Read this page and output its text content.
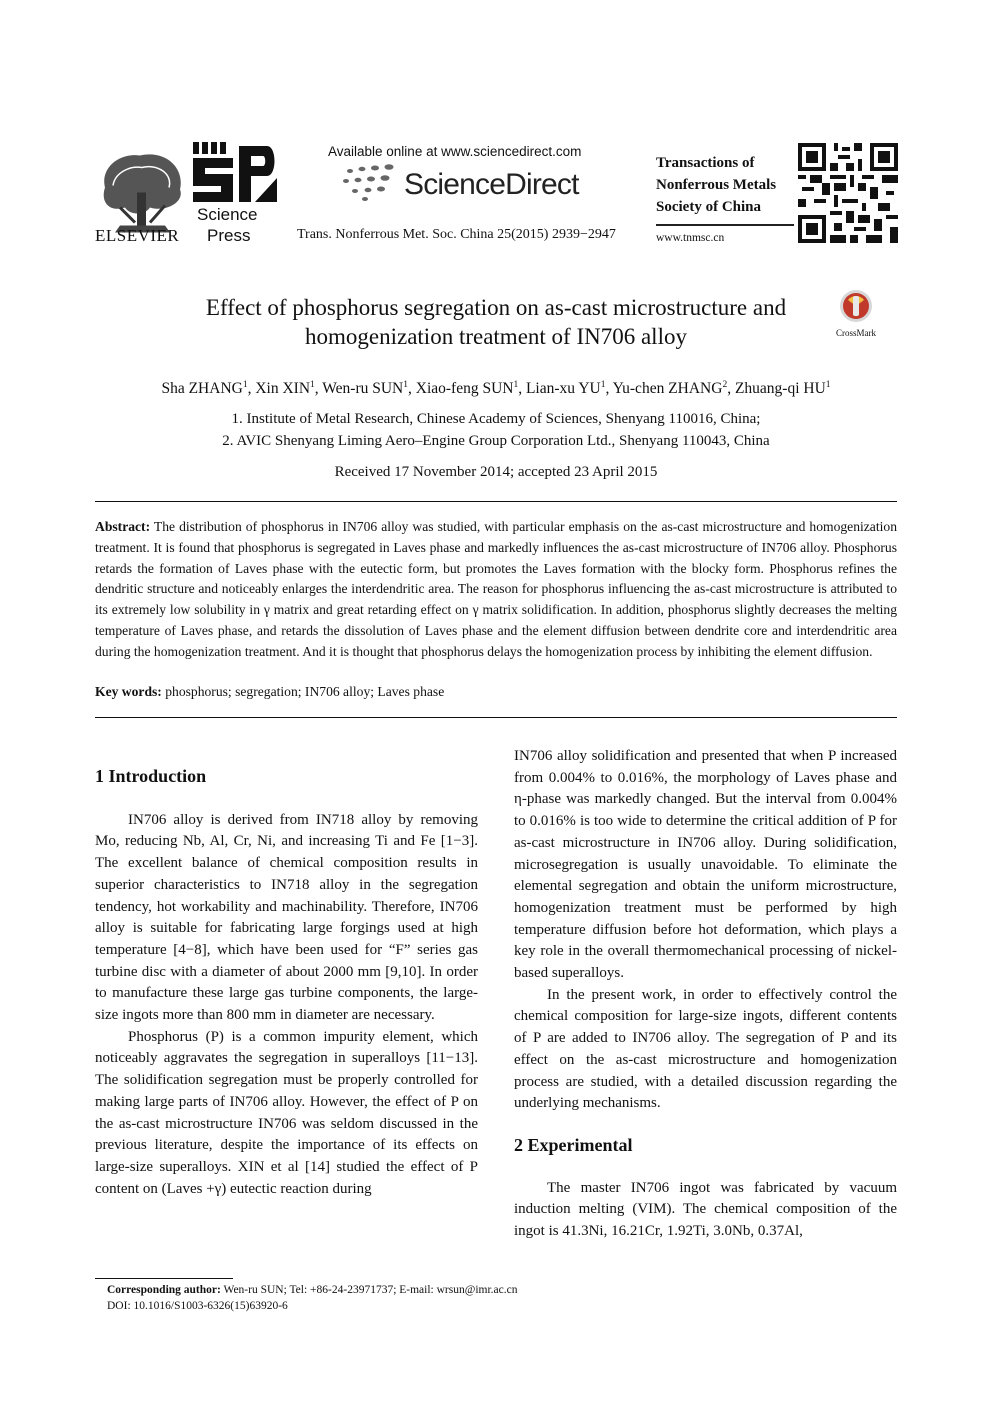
ELSEVIER
Science
Press
Available online at www.sciencedirect.com
ScienceDirect
Trans. Nonferrous Met. Soc. China 25(2015) 2939−2947
Transactions of
Nonferrous Metals
Society of China
www.tnmsc.cn
Effect of phosphorus segregation on as-cast microstructure and
homogenization treatment of IN706 alloy	CrossMark
Sha ZHANG$^1$, Xin XIN$^1$, Wen-ru SUN$^1$, Xiao-feng SUN$^1$, Lian-xu $YU^1$, Yu-chen ZHANG$^2$, Zhuang-qi $HU^1$
1. Institute of Metal Research, Chinese Academy of Sciences, Shenyang 110016, China;
2. AVIC Shenyang Liming Aero–Engine Group Corporation Ltd., Shenyang 110043, China
Received 17 November 2014; accepted 23 April 2015
Abstract: The distribution of phosphorus in IN706 alloy was studied, with particular emphasis on the as-cast microstructure and homogenization treatment. It is found that phosphorus is segregated in Laves phase and markedly influences the as-cast microstructure of IN706 alloy. Phosphorus retards the formation of Laves phase with the eutectic form, but promotes the Laves formation with the blocky form. Phosphorus refines the dendritic structure and noticeably enlarges the interdendritic area. The reason for phosphorus influencing the as-cast microstructure is attributed to its extremely low solubility in γ matrix and great retarding effect on γ matrix solidification. In addition, phosphorus slightly decreases the melting temperature of Laves phase, and retards the dissolution of Laves phase and the element diffusion between dendrite core and interdendritic area during the homogenization treatment. And it is thought that phosphorus delays the homogenization process by inhibiting the element diffusion.
Key words: phosphorus; segregation; IN706 alloy; Laves phase
1 Introduction

IN706 alloy is derived from IN718 alloy by removing Mo, reducing Nb, Al, Cr, Ni, and increasing Ti and Fe [1−3]. The excellent balance of chemical composition results in superior characteristics to IN718 alloy in the segregation tendency, hot workability and machinability. Therefore, IN706 alloy is suitable for fabricating large forgings used at high temperature [4−8], which have been used for “F” series gas turbine disc with a diameter of about 2000 mm [9,10]. In order to manufacture these large gas turbine components, the large-size ingots more than 800 mm in diameter are necessary.

Phosphorus (P) is a common impurity element, which noticeably aggravates the segregation in superalloys [11−13]. The solidification segregation must be properly controlled for making large parts of IN706 alloy. However, the effect of P on the as-cast microstructure IN706 was seldom discussed in the previous literature, despite the importance of its effects on large-size superalloys. XIN et al [14] studied the effect of P content on (Laves +γ) eutectic reaction during

IN706 alloy solidification and presented that when P increased from 0.004% to 0.016%, the morphology of Laves phase and η-phase was markedly changed. But the interval from 0.004% to 0.016% is too wide to determine the critical addition of P for as-cast microstructure in IN706 alloy. During solidification, microsegregation is usually unavoidable. To eliminate the elemental segregation and obtain the uniform microstructure, homogenization treatment must be performed by high temperature diffusion before hot deformation, which plays a key role in the overall thermomechanical processing of nickel-based superalloys.

In the present work, in order to effectively control the chemical composition for large-size ingots, different contents of P are added to IN706 alloy. The segregation of P and its effect on the as-cast microstructure and homogenization process are studied, with a detailed discussion regarding the underlying mechanisms.

2 Experimental

The master IN706 ingot was fabricated by vacuum induction melting (VIM). The chemical composition of the ingot is 41.3Ni, 16.21Cr, 1.92Ti, 3.0Nb, 0.37Al,

Corresponding author: Wen-ru SUN; Tel: +86-24-23971737; E-mail: wrsun@imr.ac.cn
DOI: 10.1016/S1003-6326(15)63920-6
